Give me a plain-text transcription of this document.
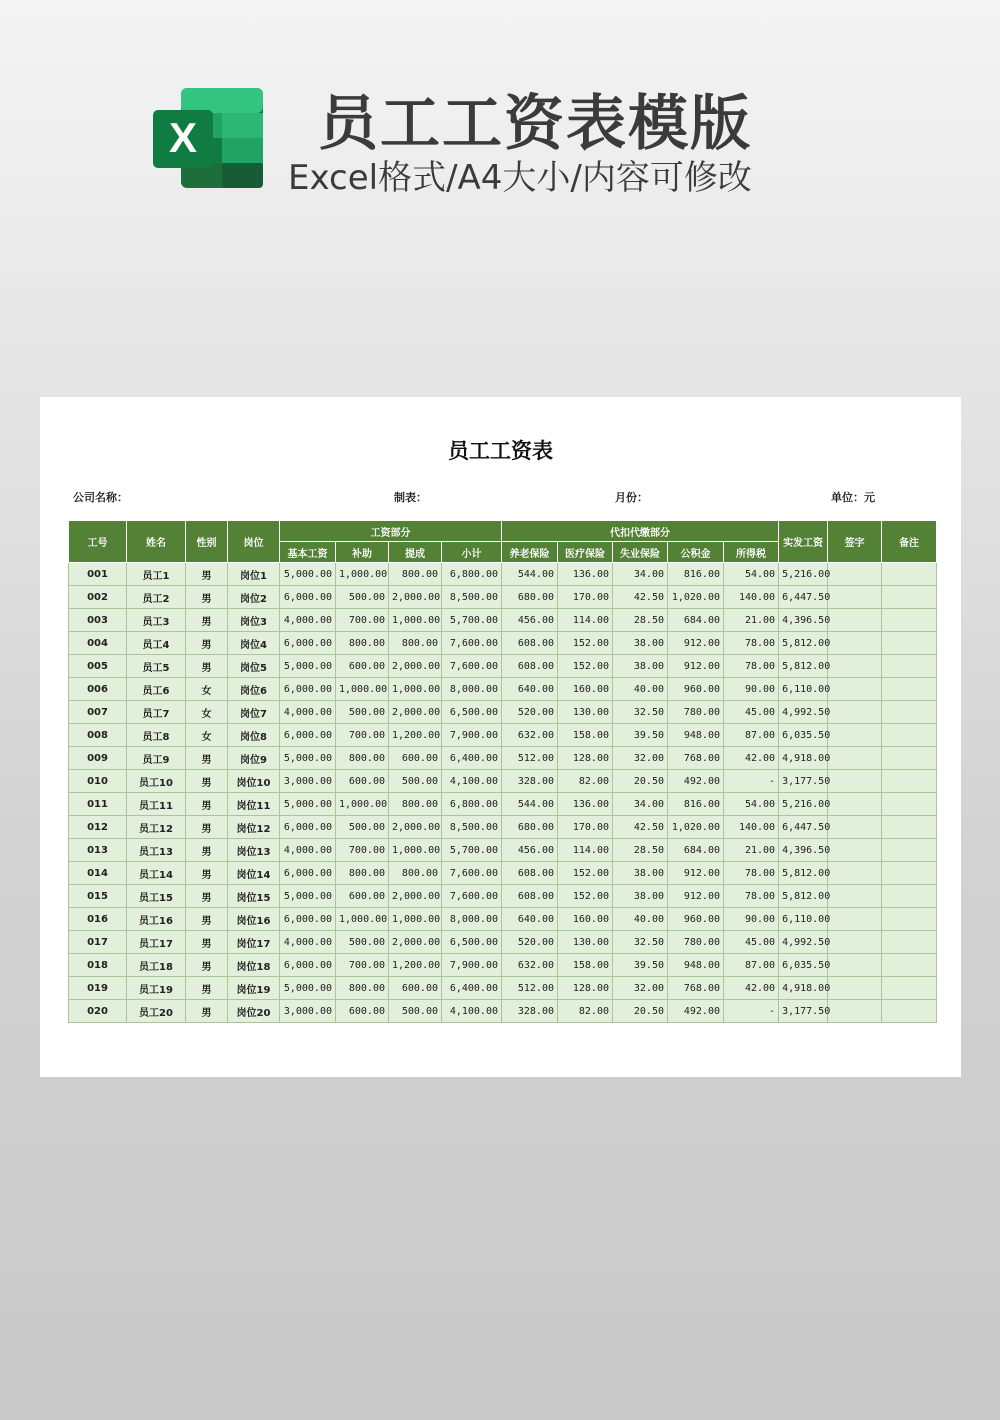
X 员工工资表模版
Excel格式/A4大小/内容可修改
员工工资表
公司名称：	制表：	月份：	单位：元
工号	姓名	性别	岗位	工资部分				代扣代缴部分					实发工资	签字	备注
				基本工资	补助	提成	小计	养老保险	医疗保险	失业保险	公积金	所得税			
001	员工1	男	岗位1	5,000.00	1,000.00	800.00	6,800.00	544.00	136.00	34.00	816.00	54.00	5,216.00		
002	员工2	男	岗位2	6,000.00	500.00	2,000.00	8,500.00	680.00	170.00	42.50	1,020.00	140.00	6,447.50		
003	员工3	男	岗位3	4,000.00	700.00	1,000.00	5,700.00	456.00	114.00	28.50	684.00	21.00	4,396.50		
004	员工4	男	岗位4	6,000.00	800.00	800.00	7,600.00	608.00	152.00	38.00	912.00	78.00	5,812.00		
005	员工5	男	岗位5	5,000.00	600.00	2,000.00	7,600.00	608.00	152.00	38.00	912.00	78.00	5,812.00		
006	员工6	女	岗位6	6,000.00	1,000.00	1,000.00	8,000.00	640.00	160.00	40.00	960.00	90.00	6,110.00		
007	员工7	女	岗位7	4,000.00	500.00	2,000.00	6,500.00	520.00	130.00	32.50	780.00	45.00	4,992.50		
008	员工8	女	岗位8	6,000.00	700.00	1,200.00	7,900.00	632.00	158.00	39.50	948.00	87.00	6,035.50		
009	员工9	男	岗位9	5,000.00	800.00	600.00	6,400.00	512.00	128.00	32.00	768.00	42.00	4,918.00		
010	员工10	男	岗位10	3,000.00	600.00	500.00	4,100.00	328.00	82.00	20.50	492.00	-	3,177.50		
011	员工11	男	岗位11	5,000.00	1,000.00	800.00	6,800.00	544.00	136.00	34.00	816.00	54.00	5,216.00		
012	员工12	男	岗位12	6,000.00	500.00	2,000.00	8,500.00	680.00	170.00	42.50	1,020.00	140.00	6,447.50		
013	员工13	男	岗位13	4,000.00	700.00	1,000.00	5,700.00	456.00	114.00	28.50	684.00	21.00	4,396.50		
014	员工14	男	岗位14	6,000.00	800.00	800.00	7,600.00	608.00	152.00	38.00	912.00	78.00	5,812.00		
015	员工15	男	岗位15	5,000.00	600.00	2,000.00	7,600.00	608.00	152.00	38.00	912.00	78.00	5,812.00		
016	员工16	男	岗位16	6,000.00	1,000.00	1,000.00	8,000.00	640.00	160.00	40.00	960.00	90.00	6,110.00		
017	员工17	男	岗位17	4,000.00	500.00	2,000.00	6,500.00	520.00	130.00	32.50	780.00	45.00	4,992.50		
018	员工18	男	岗位18	6,000.00	700.00	1,200.00	7,900.00	632.00	158.00	39.50	948.00	87.00	6,035.50		
019	员工19	男	岗位19	5,000.00	800.00	600.00	6,400.00	512.00	128.00	32.00	768.00	42.00	4,918.00		
020	员工20	男	岗位20	3,000.00	600.00	500.00	4,100.00	328.00	82.00	20.50	492.00	-	3,177.50		
